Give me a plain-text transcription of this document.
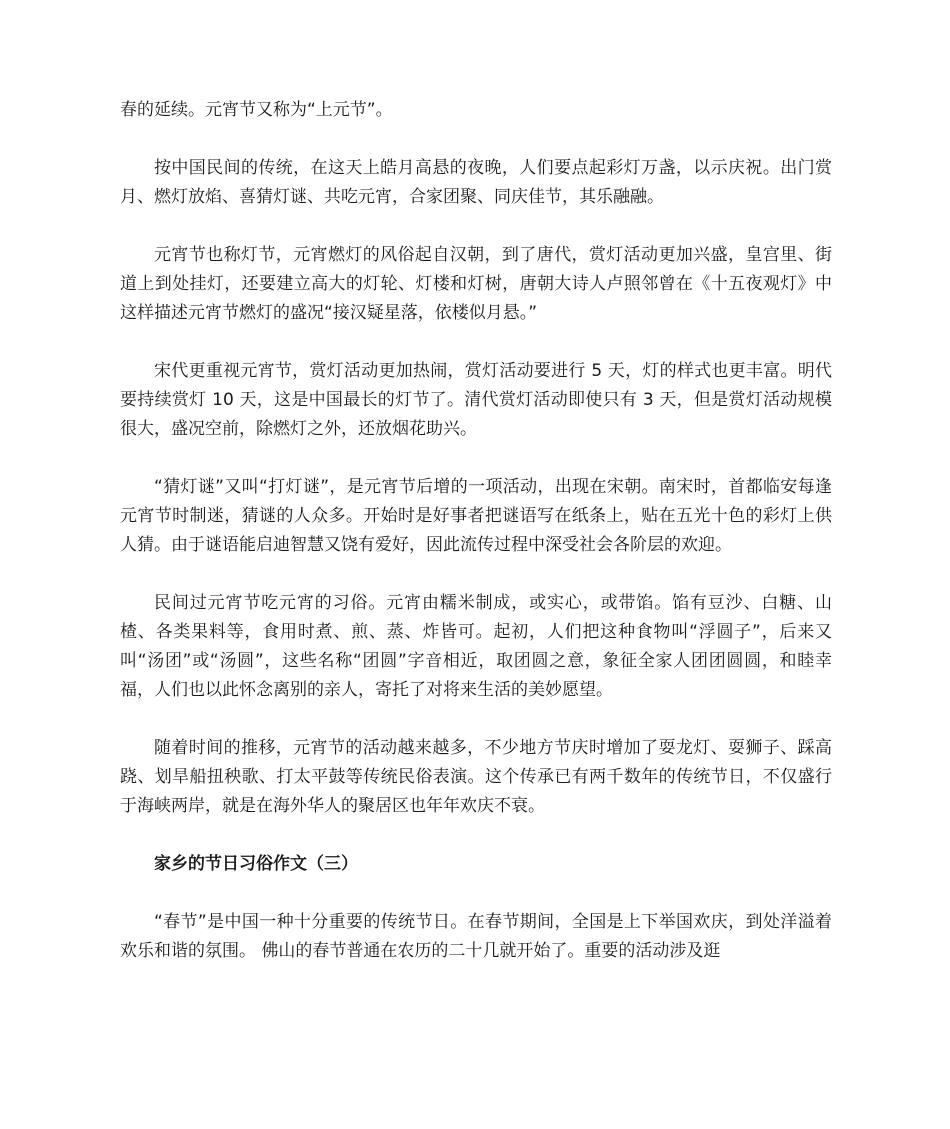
春的延续。元宵节又称为“上元节”。

按中国民间的传统，在这天上皓月高悬的夜晚，人们要点起彩灯万盏，以示庆祝。出门赏月、燃灯放焰、喜猜灯谜、共吃元宵，合家团聚、同庆佳节，其乐融融。

元宵节也称灯节，元宵燃灯的风俗起自汉朝，到了唐代，赏灯活动更加兴盛，皇宫里、街道上到处挂灯，还要建立高大的灯轮、灯楼和灯树，唐朝大诗人卢照邻曾在《十五夜观灯》中这样描述元宵节燃灯的盛况“接汉疑星落，依楼似月悬。”

宋代更重视元宵节，赏灯活动更加热闹，赏灯活动要进行 5 天，灯的样式也更丰富。明代要持续赏灯 10 天，这是中国最长的灯节了。清代赏灯活动即使只有 3 天，但是赏灯活动规模很大，盛况空前，除燃灯之外，还放烟花助兴。

“猜灯谜”又叫“打灯谜”，是元宵节后增的一项活动，出现在宋朝。南宋时，首都临安每逢元宵节时制迷，猜谜的人众多。开始时是好事者把谜语写在纸条上，贴在五光十色的彩灯上供人猜。由于谜语能启迪智慧又饶有爱好，因此流传过程中深受社会各阶层的欢迎。

民间过元宵节吃元宵的习俗。元宵由糯米制成，或实心，或带馅。馅有豆沙、白糖、山楂、各类果料等，食用时煮、煎、蒸、炸皆可。起初，人们把这种食物叫“浮圆子”，后来又叫“汤团”或“汤圆”，这些名称“团圆”字音相近，取团圆之意，象征全家人团团圆圆，和睦幸福，人们也以此怀念离别的亲人，寄托了对将来生活的美妙愿望。

随着时间的推移，元宵节的活动越来越多，不少地方节庆时增加了耍龙灯、耍狮子、踩高跷、划旱船扭秧歌、打太平鼓等传统民俗表演。这个传承已有两千数年的传统节日，不仅盛行于海峡两岸，就是在海外华人的聚居区也年年欢庆不衰。

家乡的节日习俗作文（三）

“春节”是中国一种十分重要的传统节日。在春节期间，全国是上下举国欢庆，到处洋溢着欢乐和谐的氛围。 佛山的春节普通在农历的二十几就开始了。重要的活动涉及逛
